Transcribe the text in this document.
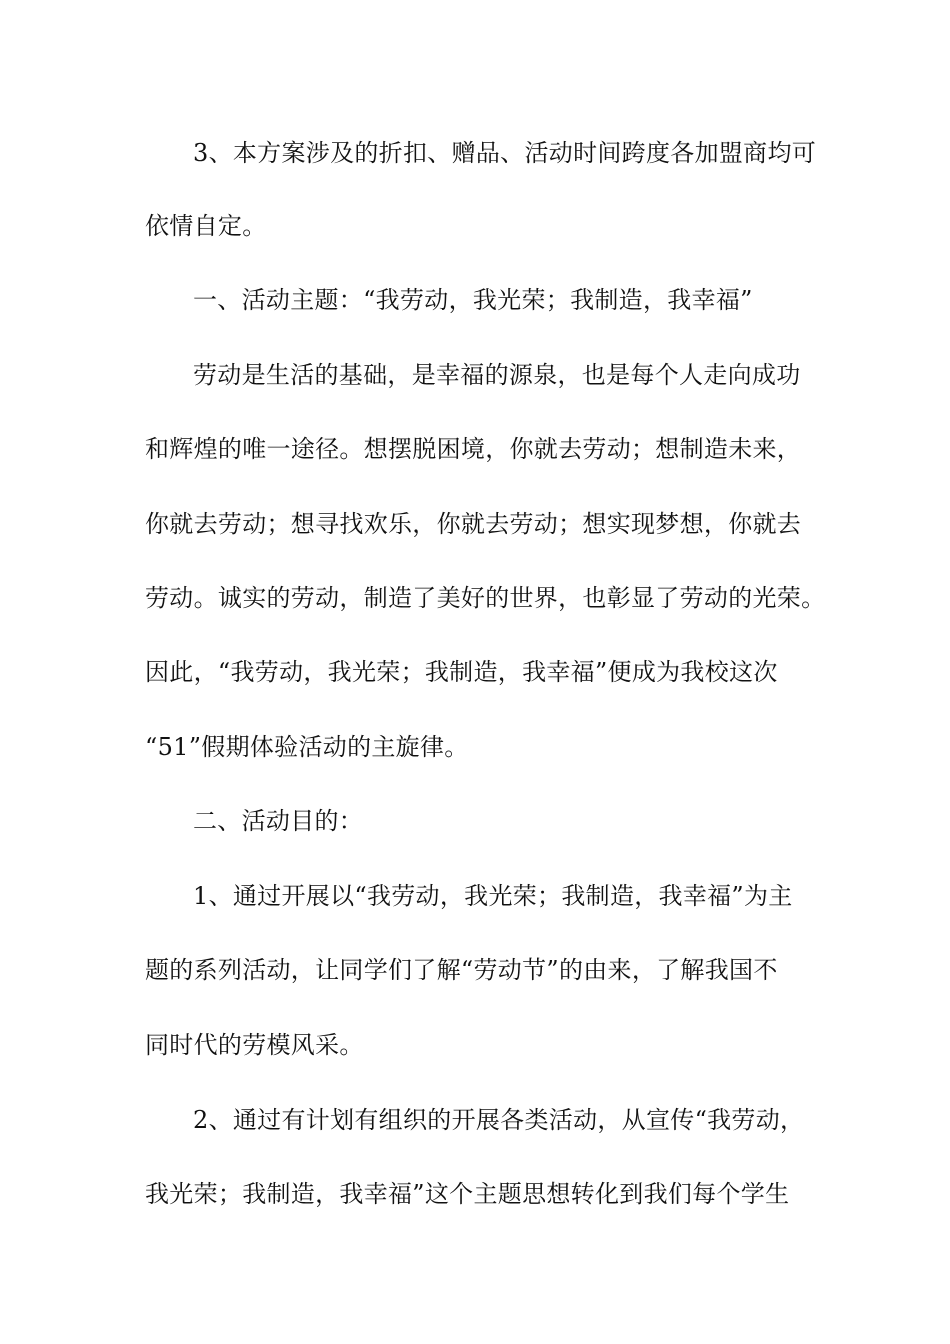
3、本方案涉及的折扣、赠品、活动时间跨度各加盟商均可
依情自定。
一、活动主题：“我劳动，我光荣；我制造，我幸福”
劳动是生活的基础，是幸福的源泉，也是每个人走向成功
和辉煌的唯一途径。想摆脱困境，你就去劳动；想制造未来，
你就去劳动；想寻找欢乐，你就去劳动；想实现梦想，你就去
劳动。诚实的劳动，制造了美好的世界，也彰显了劳动的光荣。
因此，“我劳动，我光荣；我制造，我幸福”便成为我校这次
“51”假期体验活动的主旋律。
二、活动目的：
1、通过开展以“我劳动，我光荣；我制造，我幸福”为主
题的系列活动，让同学们了解“劳动节”的由来，了解我国不
同时代的劳模风采。
2、通过有计划有组织的开展各类活动，从宣传“我劳动，
我光荣；我制造，我幸福”这个主题思想转化到我们每个学生
